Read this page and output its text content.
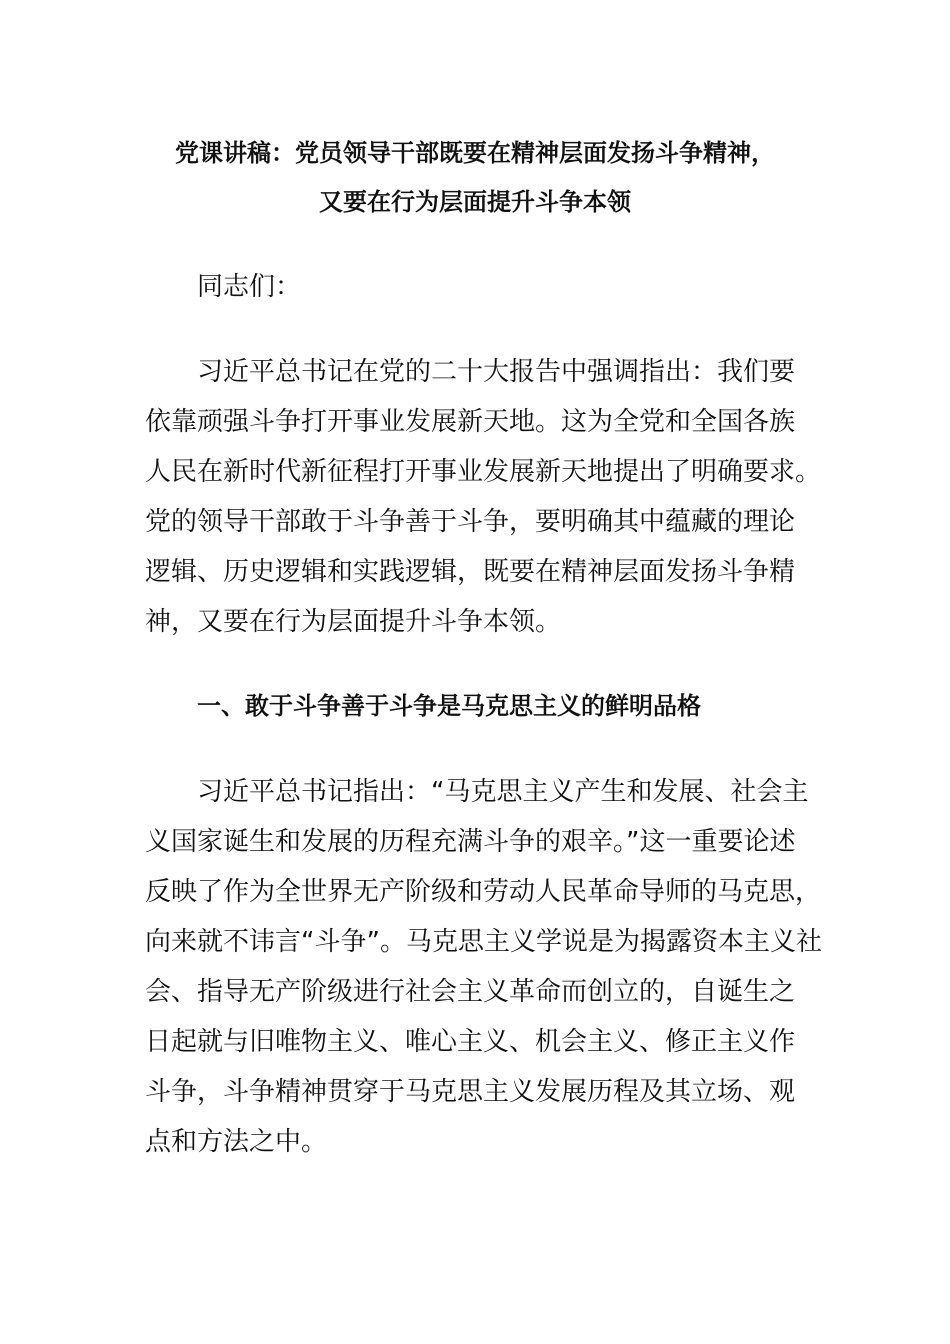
党课讲稿：党员领导干部既要在精神层面发扬斗争精神，
又要在行为层面提升斗争本领
同志们：
习近平总书记在党的二十大报告中强调指出：我们要
依靠顽强斗争打开事业发展新天地。这为全党和全国各族
人民在新时代新征程打开事业发展新天地提出了明确要求。
党的领导干部敢于斗争善于斗争，要明确其中蕴藏的理论
逻辑、历史逻辑和实践逻辑，既要在精神层面发扬斗争精
神，又要在行为层面提升斗争本领。
一、敢于斗争善于斗争是马克思主义的鲜明品格
习近平总书记指出：“马克思主义产生和发展、社会主
义国家诞生和发展的历程充满斗争的艰辛。”这一重要论述
反映了作为全世界无产阶级和劳动人民革命导师的马克思，
向来就不讳言“斗争”。马克思主义学说是为揭露资本主义社
会、指导无产阶级进行社会主义革命而创立的，自诞生之
日起就与旧唯物主义、唯心主义、机会主义、修正主义作
斗争，斗争精神贯穿于马克思主义发展历程及其立场、观
点和方法之中。
